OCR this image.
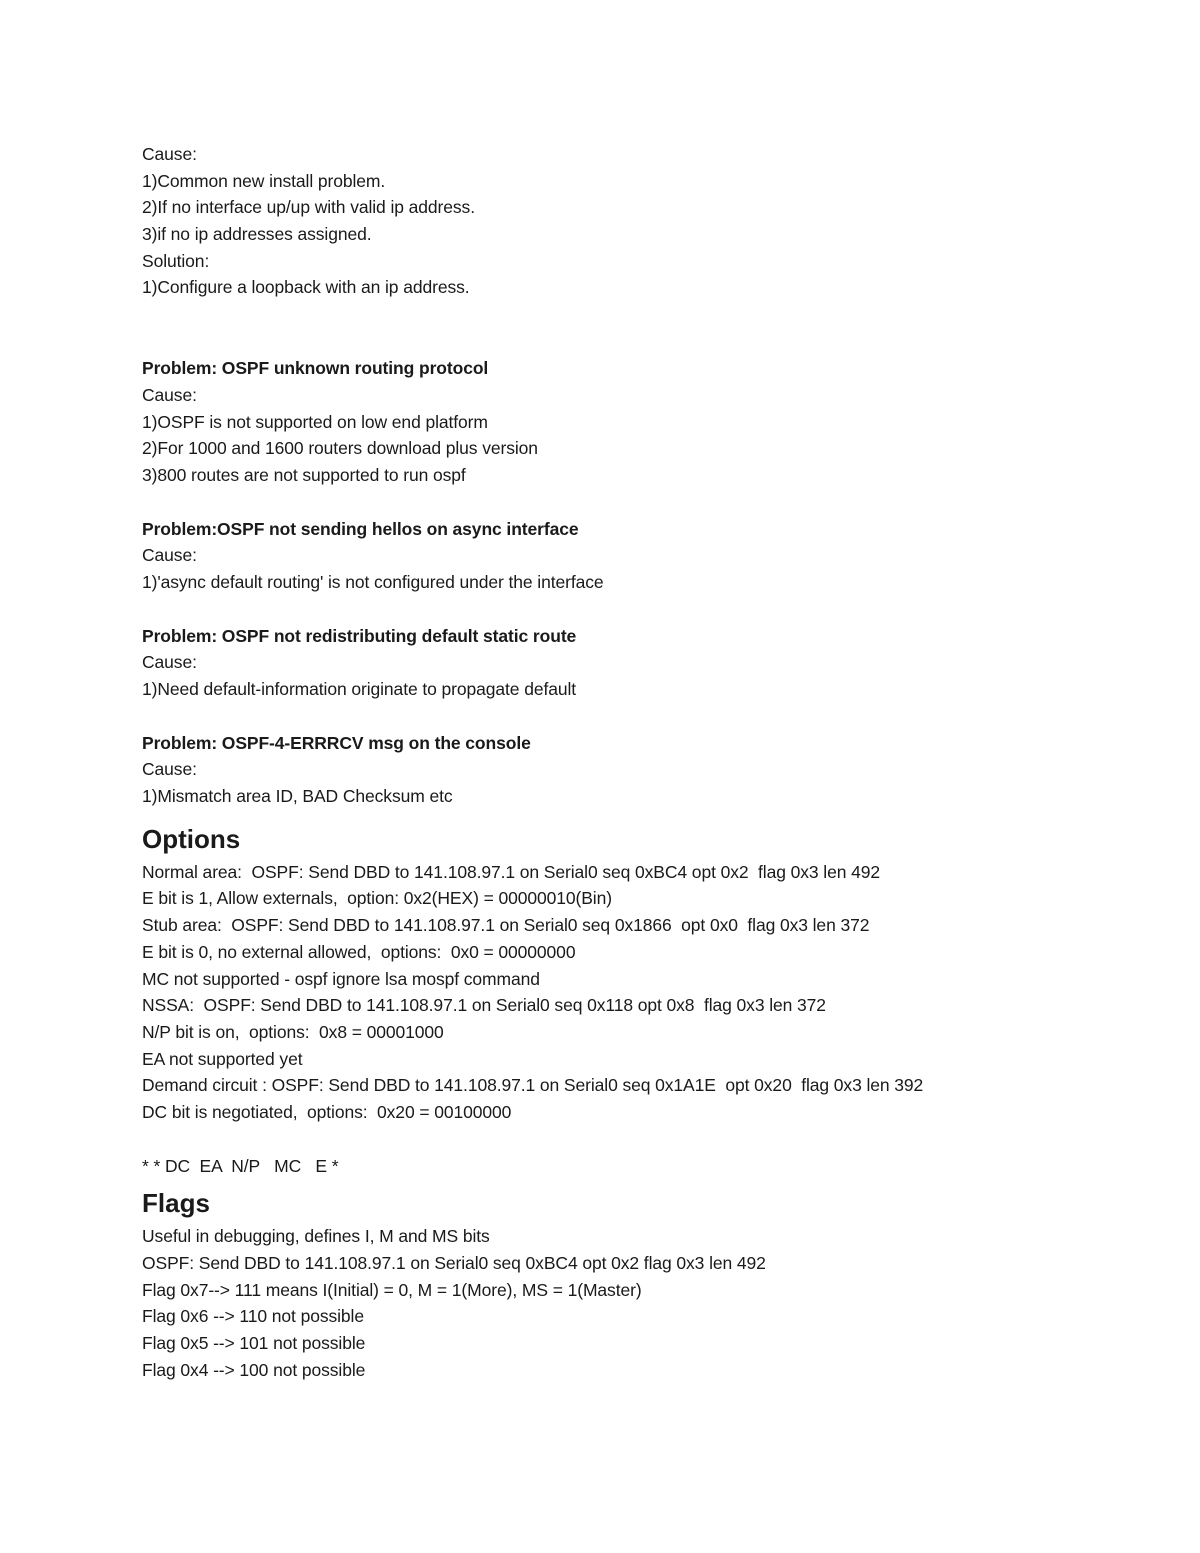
Cause:
1)Common new install problem.
2)If no interface up/up with valid ip address.
3)if no ip addresses assigned.
Solution:
1)Configure a loopback with an ip address.
Problem: OSPF unknown routing protocol
Cause:
1)OSPF is not supported on low end platform
2)For 1000 and 1600 routers download plus version
3)800 routes are not supported to run ospf
Problem:OSPF not sending hellos on async interface
Cause:
1)'async default routing' is not configured under the interface
Problem: OSPF not redistributing default static route
Cause:
1)Need default-information originate to propagate default
Problem: OSPF-4-ERRRCV msg on the console
Cause:
1)Mismatch area ID, BAD Checksum etc
Options
Normal area:  OSPF: Send DBD to 141.108.97.1 on Serial0 seq 0xBC4 opt 0x2  flag 0x3 len 492
E bit is 1, Allow externals,  option: 0x2(HEX) = 00000010(Bin)
Stub area:  OSPF: Send DBD to 141.108.97.1 on Serial0 seq 0x1866  opt 0x0  flag 0x3 len 372
E bit is 0, no external allowed,  options:  0x0 = 00000000
MC not supported - ospf ignore lsa mospf command
NSSA:  OSPF: Send DBD to 141.108.97.1 on Serial0 seq 0x118 opt 0x8  flag 0x3 len 372
N/P bit is on,  options:  0x8 = 00001000
EA not supported yet
Demand circuit : OSPF: Send DBD to 141.108.97.1 on Serial0 seq 0x1A1E  opt 0x20  flag 0x3 len 392
DC bit is negotiated,  options:  0x20 = 00100000
* * DC  EA  N/P   MC   E *
Flags
Useful in debugging, defines I, M and MS bits
OSPF: Send DBD to 141.108.97.1 on Serial0 seq 0xBC4 opt 0x2 flag 0x3 len 492
Flag 0x7--> 111 means I(Initial) = 0, M = 1(More), MS = 1(Master)
Flag 0x6 --> 110 not possible
Flag 0x5 --> 101 not possible
Flag 0x4 --> 100 not possible
